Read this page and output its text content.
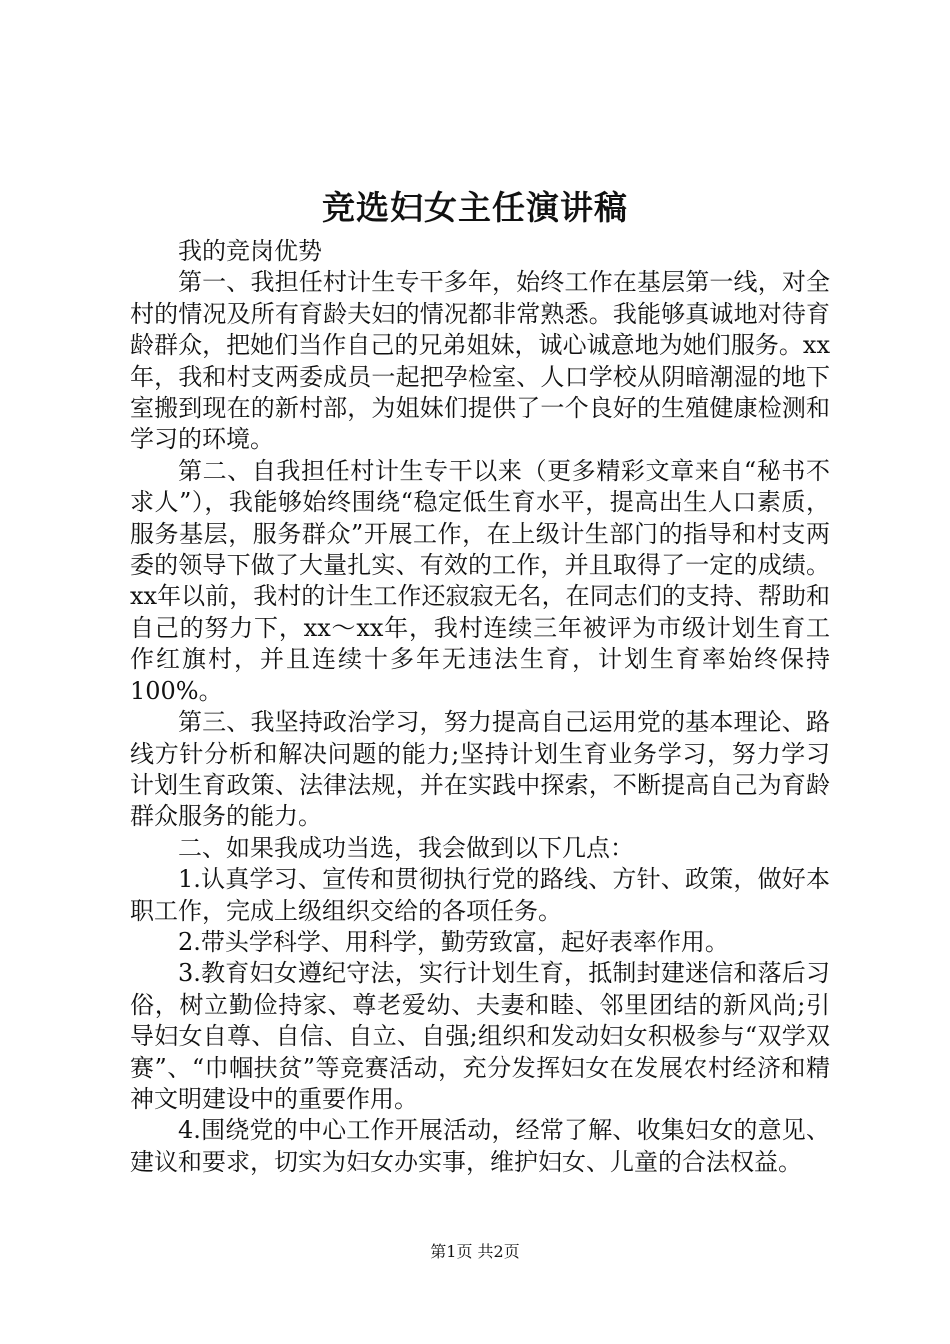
竞选妇女主任演讲稿

我的竞岗优势

第一、我担任村计生专干多年，始终工作在基层第一线，对全村的情况及所有育龄夫妇的情况都非常熟悉。我能够真诚地对待育龄群众，把她们当作自己的兄弟姐妹，诚心诚意地为她们服务。xx年，我和村支两委成员一起把孕检室、人口学校从阴暗潮湿的地下室搬到现在的新村部，为姐妹们提供了一个良好的生殖健康检测和学习的环境。

第二、自我担任村计生专干以来（更多精彩文章来自“秘书不求人”），我能够始终围绕“稳定低生育水平，提高出生人口素质，服务基层，服务群众”开展工作，在上级计生部门的指导和村支两委的领导下做了大量扎实、有效的工作，并且取得了一定的成绩。xx年以前，我村的计生工作还寂寂无名，在同志们的支持、帮助和自己的努力下，xx～xx年，我村连续三年被评为市级计划生育工作红旗村，并且连续十多年无违法生育，计划生育率始终保持100%。

第三、我坚持政治学习，努力提高自己运用党的基本理论、路线方针分析和解决问题的能力;坚持计划生育业务学习，努力学习计划生育政策、法律法规，并在实践中探索，不断提高自己为育龄群众服务的能力。

二、如果我成功当选，我会做到以下几点：

1.认真学习、宣传和贯彻执行党的路线、方针、政策，做好本职工作，完成上级组织交给的各项任务。

2.带头学科学、用科学，勤劳致富，起好表率作用。

3.教育妇女遵纪守法，实行计划生育，抵制封建迷信和落后习俗，树立勤俭持家、尊老爱幼、夫妻和睦、邻里团结的新风尚;引导妇女自尊、自信、自立、自强;组织和发动妇女积极参与“双学双赛”、“巾帼扶贫”等竞赛活动，充分发挥妇女在发展农村经济和精神文明建设中的重要作用。

4.围绕党的中心工作开展活动，经常了解、收集妇女的意见、建议和要求，切实为妇女办实事，维护妇女、儿童的合法权益。

第1页 共2页
